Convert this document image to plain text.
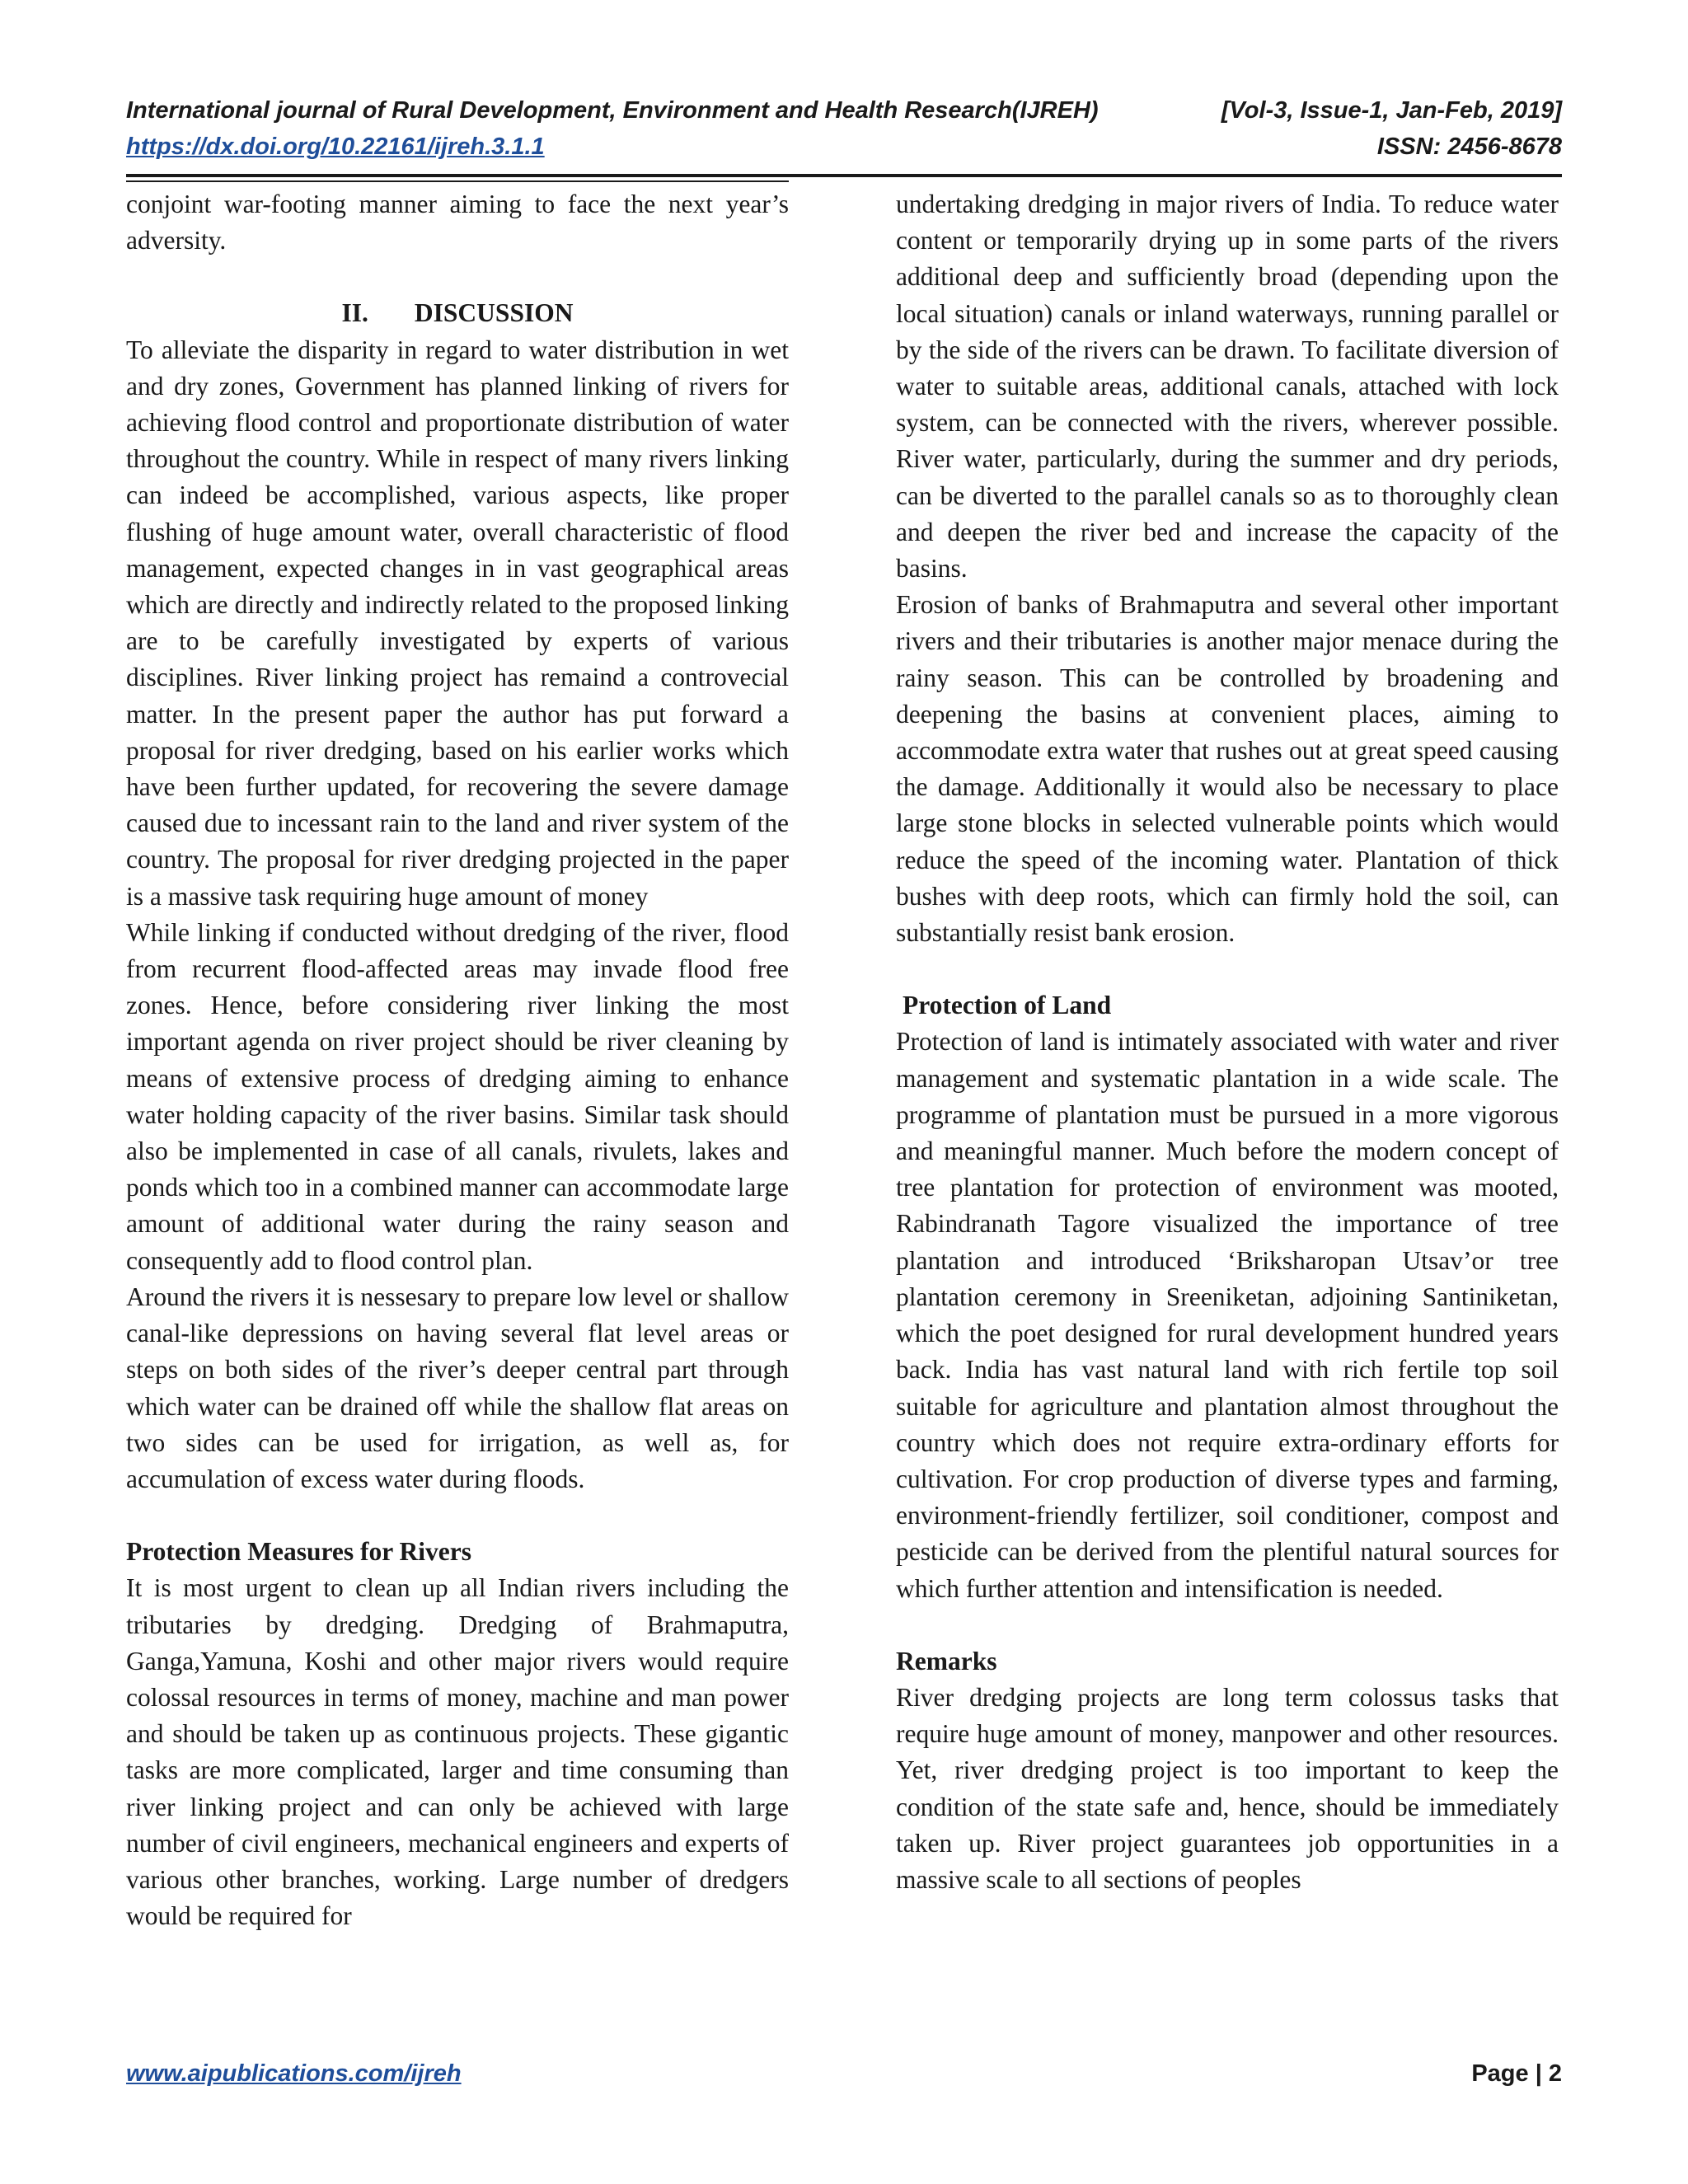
International journal of Rural Development, Environment and Health Research(IJREH)	[Vol-3, Issue-1, Jan-Feb, 2019]
https://dx.doi.org/10.22161/ijreh.3.1.1	ISSN: 2456-8678

conjoint war-footing manner aiming to face the next year’s adversity.

II. DISCUSSION

To alleviate the disparity in regard to water distribution in wet and dry zones, Government has planned linking of rivers for achieving flood control and proportionate distribution of water throughout the country. While in respect of many rivers linking can indeed be accomplished, various aspects, like proper flushing of huge amount water, overall characteristic of flood management, expected changes in in vast geographical areas which are directly and indirectly related to the proposed linking are to be carefully investigated by experts of various disciplines. River linking project has remaind a controvecial matter. In the present paper the author has put forward a proposal for river dredging, based on his earlier works which have been further updated, for recovering the severe damage caused due to incessant rain to the land and river system of the country. The proposal for river dredging projected in the paper is a massive task requiring huge amount of money

While linking if conducted without dredging of the river, flood from recurrent flood-affected areas may invade flood free zones. Hence, before considering river linking the most important agenda on river project should be river cleaning by means of extensive process of dredging aiming to enhance water holding capacity of the river basins. Similar task should also be implemented in case of all canals, rivulets, lakes and ponds which too in a combined manner can accommodate large amount of additional water during the rainy season and consequently add to flood control plan.

Around the rivers it is nessesary to prepare low level or shallow canal-like depressions on having several flat level areas or steps on both sides of the river’s deeper central part through which water can be drained off while the shallow flat areas on two sides can be used for irrigation, as well as, for accumulation of excess water during floods.

Protection Measures for Rivers

It is most urgent to clean up all Indian rivers including the tributaries by dredging. Dredging of Brahmaputra, Ganga,Yamuna, Koshi and other major rivers would require colossal resources in terms of money, machine and man power and should be taken up as continuous projects. These gigantic tasks are more complicated, larger and time consuming than river linking project and can only be achieved with large number of civil engineers, mechanical engineers and experts of various other branches, working. Large number of dredgers would be required for

undertaking dredging in major rivers of India. To reduce water content or temporarily drying up in some parts of the rivers additional deep and sufficiently broad (depending upon the local situation) canals or inland waterways, running parallel or by the side of the rivers can be drawn. To facilitate diversion of water to suitable areas, additional canals, attached with lock system, can be connected with the rivers, wherever possible. River water, particularly, during the summer and dry periods, can be diverted to the parallel canals so as to thoroughly clean and deepen the river bed and increase the capacity of the basins.

Erosion of banks of Brahmaputra and several other important rivers and their tributaries is another major menace during the rainy season. This can be controlled by broadening and deepening the basins at convenient places, aiming to accommodate extra water that rushes out at great speed causing the damage. Additionally it would also be necessary to place large stone blocks in selected vulnerable points which would reduce the speed of the incoming water. Plantation of thick bushes with deep roots, which can firmly hold the soil, can substantially resist bank erosion.

Protection of Land

Protection of land is intimately associated with water and river management and systematic plantation in a wide scale. The programme of plantation must be pursued in a more vigorous and meaningful manner. Much before the modern concept of tree plantation for protection of environment was mooted, Rabindranath Tagore visualized the importance of tree plantation and introduced ‘Briksharopan Utsav’or tree plantation ceremony in Sreeniketan, adjoining Santiniketan, which the poet designed for rural development hundred years back. India has vast natural land with rich fertile top soil suitable for agriculture and plantation almost throughout the country which does not require extra-ordinary efforts for cultivation. For crop production of diverse types and farming, environment-friendly fertilizer, soil conditioner, compost and pesticide can be derived from the plentiful natural sources for which further attention and intensification is needed.

Remarks

River dredging projects are long term colossus tasks that require huge amount of money, manpower and other resources. Yet, river dredging project is too important to keep the condition of the state safe and, hence, should be immediately taken up. River project guarantees job opportunities in a massive scale to all sections of peoples

www.aipublications.com/ijreh	Page | 2
